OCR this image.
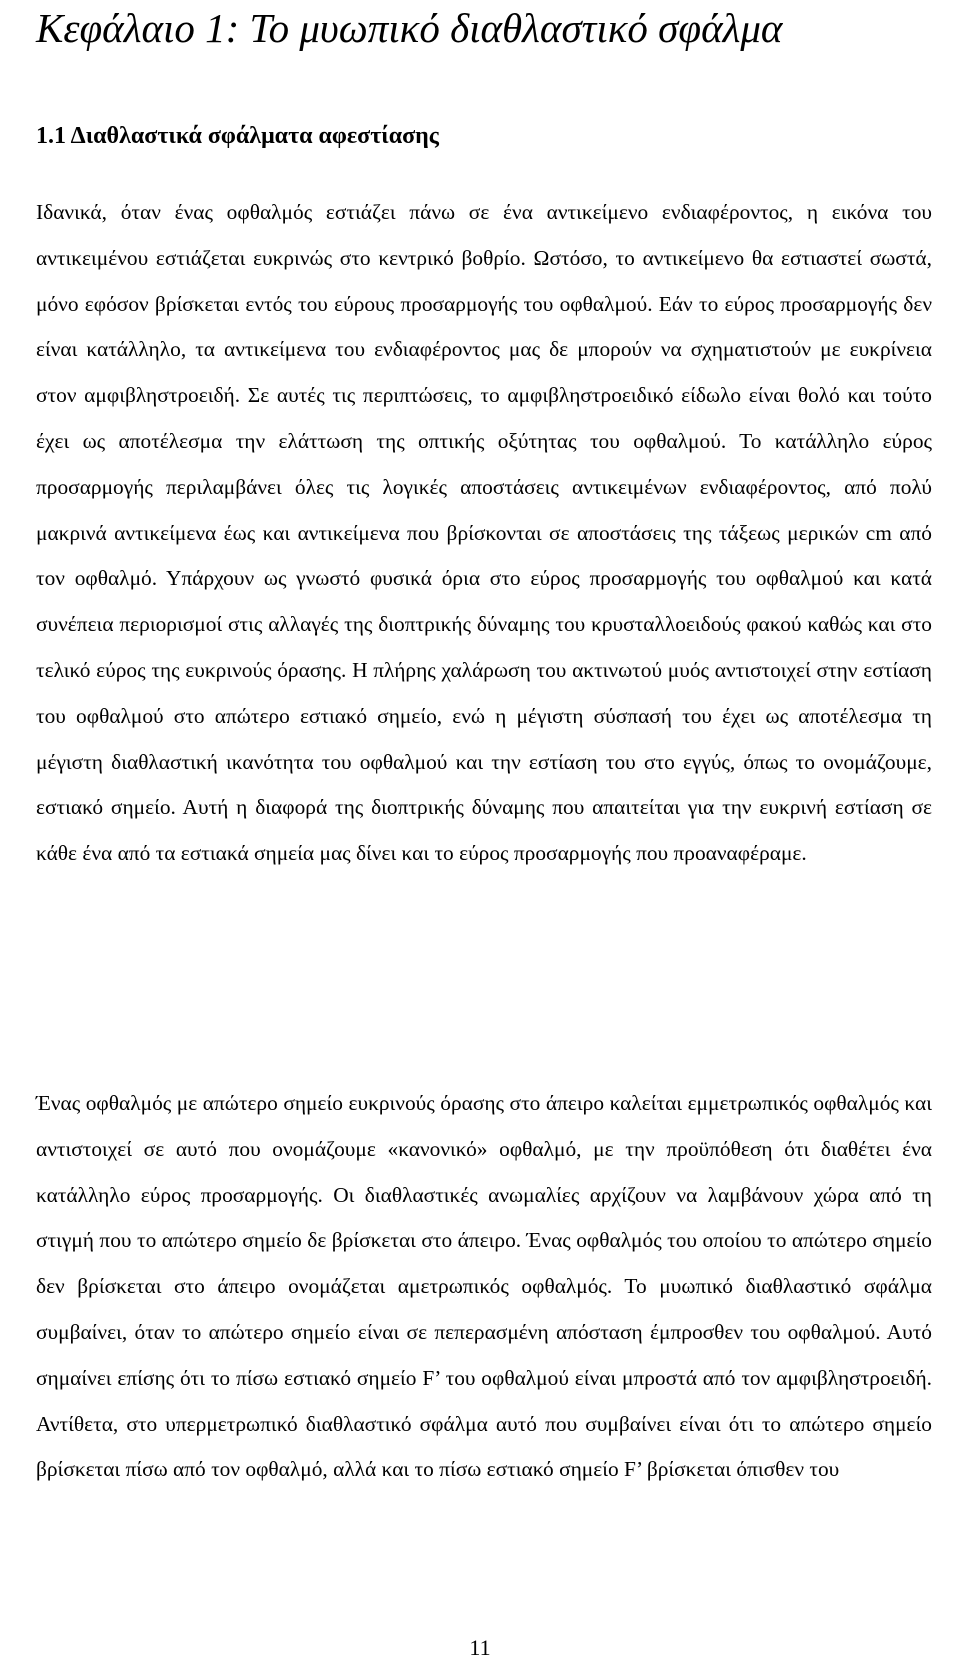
Κεφάλαιο 1: Το μυωπικό διαθλαστικό σφάλμα
1.1 Διαθλαστικά σφάλματα αφεστίασης

Ιδανικά, όταν ένας οφθαλμός εστιάζει πάνω σε ένα αντικείμενο ενδιαφέροντος, η εικόνα του αντικειμένου εστιάζεται ευκρινώς στο κεντρικό βοθρίο. Ωστόσο, το αντικείμενο θα εστιαστεί σωστά, μόνο εφόσον βρίσκεται εντός του εύρους προσαρμογής του οφθαλμού. Εάν το εύρος προσαρμογής δεν είναι κατάλληλο, τα αντικείμενα του ενδιαφέροντος μας δε μπορούν να σχηματιστούν με ευκρίνεια στον αμφιβληστροειδή. Σε αυτές τις περιπτώσεις, το αμφιβληστροειδικό είδωλο είναι θολό και τούτο έχει ως αποτέλεσμα την ελάττωση της οπτικής οξύτητας του οφθαλμού. Το κατάλληλο εύρος προσαρμογής περιλαμβάνει όλες τις λογικές αποστάσεις αντικειμένων ενδιαφέροντος, από πολύ μακρινά αντικείμενα έως και αντικείμενα που βρίσκονται σε αποστάσεις της τάξεως μερικών cm από τον οφθαλμό. Υπάρχουν ως γνωστό φυσικά όρια στο εύρος προσαρμογής του οφθαλμού και κατά συνέπεια περιορισμοί στις αλλαγές της διοπτρικής δύναμης του κρυσταλλοειδούς φακού καθώς και στο τελικό εύρος της ευκρινούς όρασης. Η πλήρης χαλάρωση του ακτινωτού μυός αντιστοιχεί στην εστίαση του οφθαλμού στο απώτερο εστιακό σημείο, ενώ η μέγιστη σύσπασή του έχει ως αποτέλεσμα τη μέγιστη διαθλαστική ικανότητα του οφθαλμού και την εστίαση του στο εγγύς, όπως το ονομάζουμε, εστιακό σημείο. Αυτή η διαφορά της διοπτρικής δύναμης που απαιτείται για την ευκρινή εστίαση σε κάθε ένα από τα εστιακά σημεία μας δίνει και το εύρος προσαρμογής που προαναφέραμε.

Ένας οφθαλμός με απώτερο σημείο ευκρινούς όρασης στο άπειρο καλείται εμμετρωπικός οφθαλμός και αντιστοιχεί σε αυτό που ονομάζουμε «κανονικό» οφθαλμό, με την προϋπόθεση ότι διαθέτει ένα κατάλληλο εύρος προσαρμογής. Οι διαθλαστικές ανωμαλίες αρχίζουν να λαμβάνουν χώρα από τη στιγμή που το απώτερο σημείο δε βρίσκεται στο άπειρο. Ένας οφθαλμός του οποίου το απώτερο σημείο δεν βρίσκεται στο άπειρο ονομάζεται αμετρωπικός οφθαλμός. Το μυωπικό διαθλαστικό σφάλμα συμβαίνει, όταν το απώτερο σημείο είναι σε πεπερασμένη απόσταση έμπροσθεν του οφθαλμού. Αυτό σημαίνει επίσης ότι το πίσω εστιακό σημείο F’ του οφθαλμού είναι μπροστά από τον αμφιβληστροειδή. Αντίθετα, στο υπερμετρωπικό διαθλαστικό σφάλμα αυτό που συμβαίνει είναι ότι το απώτερο σημείο βρίσκεται πίσω από τον οφθαλμό, αλλά και το πίσω εστιακό σημείο F’ βρίσκεται όπισθεν του

11
